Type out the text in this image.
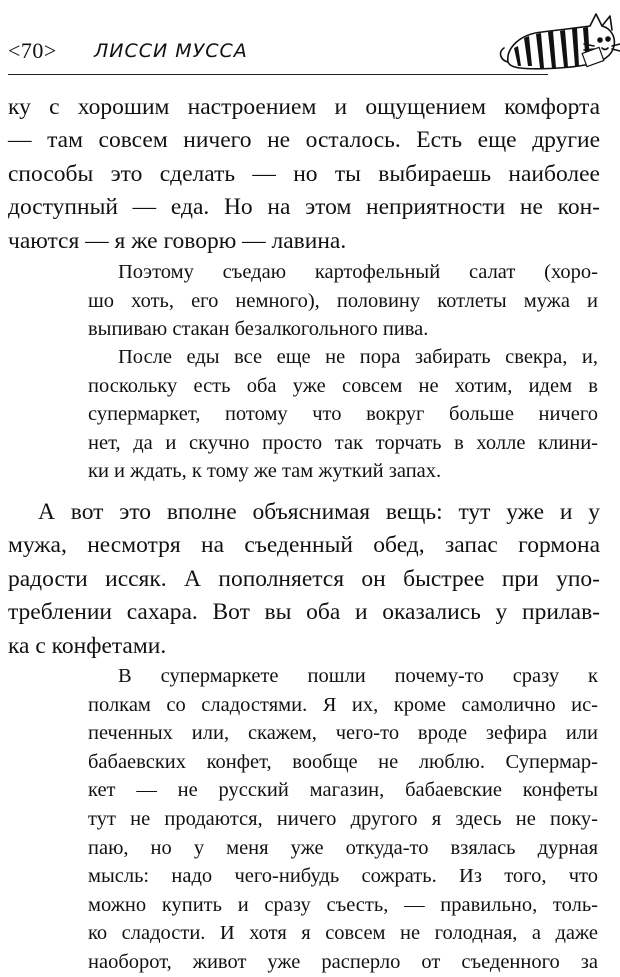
<70> ЛИССИ МУССА
ку с хорошим настроением и ощущением комфорта
— там совсем ничего не осталось. Есть еще другие
способы это сделать — но ты выбираешь наиболее
доступный — еда. Но на этом неприятности не кон-
чаются — я же говорю — лавина.
Поэтому съедаю картофельный салат (хоро-
шо хоть, его немного), половину котлеты мужа и
выпиваю стакан безалкогольного пива.
После еды все еще не пора забирать свекра, и,
поскольку есть оба уже совсем не хотим, идем в
супермаркет, потому что вокруг больше ничего
нет, да и скучно просто так торчать в холле клини-
ки и ждать, к тому же там жуткий запах.
А вот это вполне объяснимая вещь: тут уже и у
мужа, несмотря на съеденный обед, запас гормона
радости иссяк. А пополняется он быстрее при упо-
треблении сахара. Вот вы оба и оказались у прилав-
ка с конфетами.
В супермаркете пошли почему-то сразу к
полкам со сладостями. Я их, кроме самолично ис-
печенных или, скажем, чего-то вроде зефира или
бабаевских конфет, вообще не люблю. Супермар-
кет — не русский магазин, бабаевские конфеты
тут не продаются, ничего другого я здесь не поку-
паю, но у меня уже откуда-то взялась дурная
мысль: надо чего-нибудь сожрать. Из того, что
можно купить и сразу съесть, — правильно, толь-
ко сладости. И хотя я совсем не голодная, а даже
наоборот, живот уже расперло от съеденного за
